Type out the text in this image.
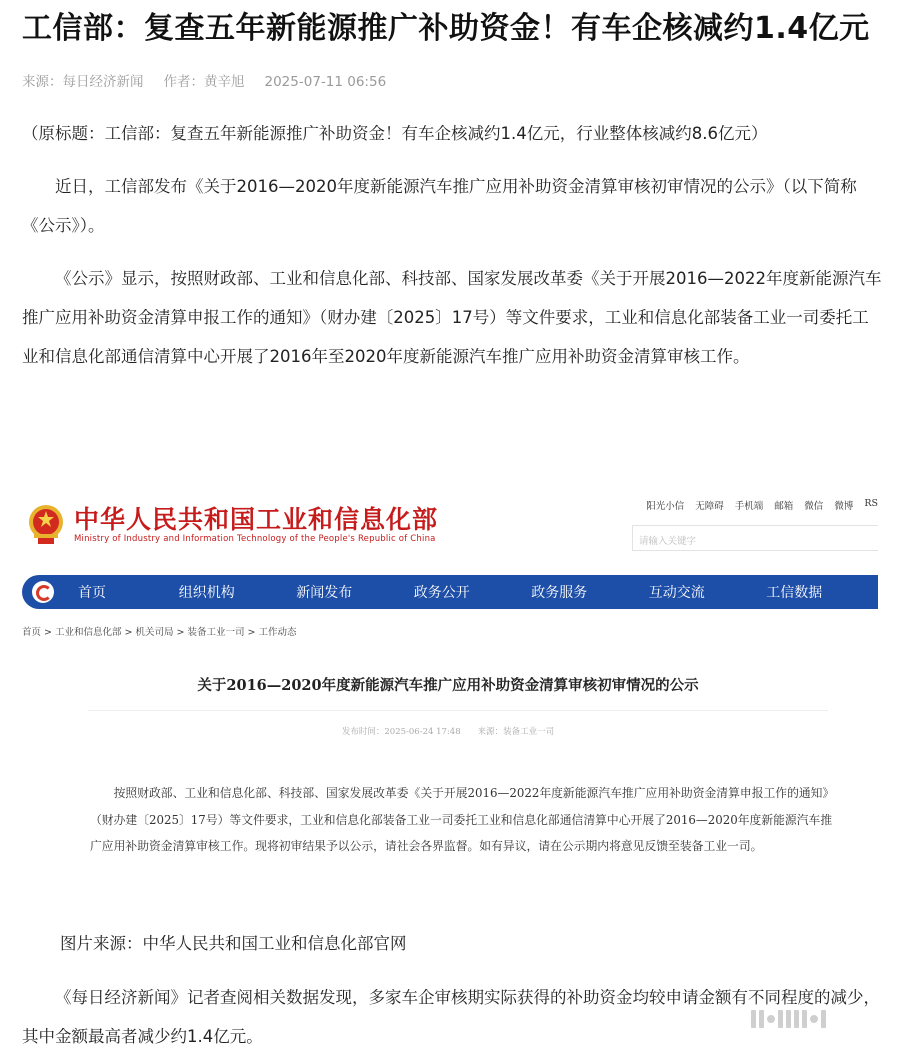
工信部：复查五年新能源推广补助资金！有车企核减约1.4亿元
来源：每日经济新闻 作者：黄辛旭 2025-07-11 06:56

（原标题：工信部：复查五年新能源推广补助资金！有车企核减约1.4亿元，行业整体核减约8.6亿元）

近日，工信部发布《关于2016—2020年度新能源汽车推广应用补助资金清算审核初审情况的公示》（以下简称《公示》）。

《公示》显示，按照财政部、工业和信息化部、科技部、国家发展改革委《关于开展2016—2022年度新能源汽车推广应用补助资金清算申报工作的通知》（财办建〔2025〕17号）等文件要求，工业和信息化部装备工业一司委托工业和信息化部通信清算中心开展了2016年至2020年度新能源汽车推广应用补助资金清算审核工作。

中华人民共和国工业和信息化部
Ministry of Industry and Information Technology of the People's Republic of China
阳光小信 无障碍 手机端 邮箱 微信 微博 RS
请输入关键字
首页	组织机构	新闻发布	政务公开	政务服务	互动交流	工信数据
首页 > 工业和信息化部 > 机关司局 > 装备工业一司 > 工作动态
关于2016—2020年度新能源汽车推广应用补助资金清算审核初审情况的公示
发布时间：2025-06-24 17:48　　来源：装备工业一司

按照财政部、工业和信息化部、科技部、国家发展改革委《关于开展2016—2022年度新能源汽车推广应用补助资金清算申报工作的通知》（财办建〔2025〕17号）等文件要求，工业和信息化部装备工业一司委托工业和信息化部通信清算中心开展了2016—2020年度新能源汽车推广应用补助资金清算审核工作。现将初审结果予以公示，请社会各界监督。如有异议，请在公示期内将意见反馈至装备工业一司。

图片来源：中华人民共和国工业和信息化部官网

《每日经济新闻》记者查阅相关数据发现，多家车企审核期实际获得的补助资金均较申请金额有不同程度的减少，其中金额最高者减少约1.4亿元。
